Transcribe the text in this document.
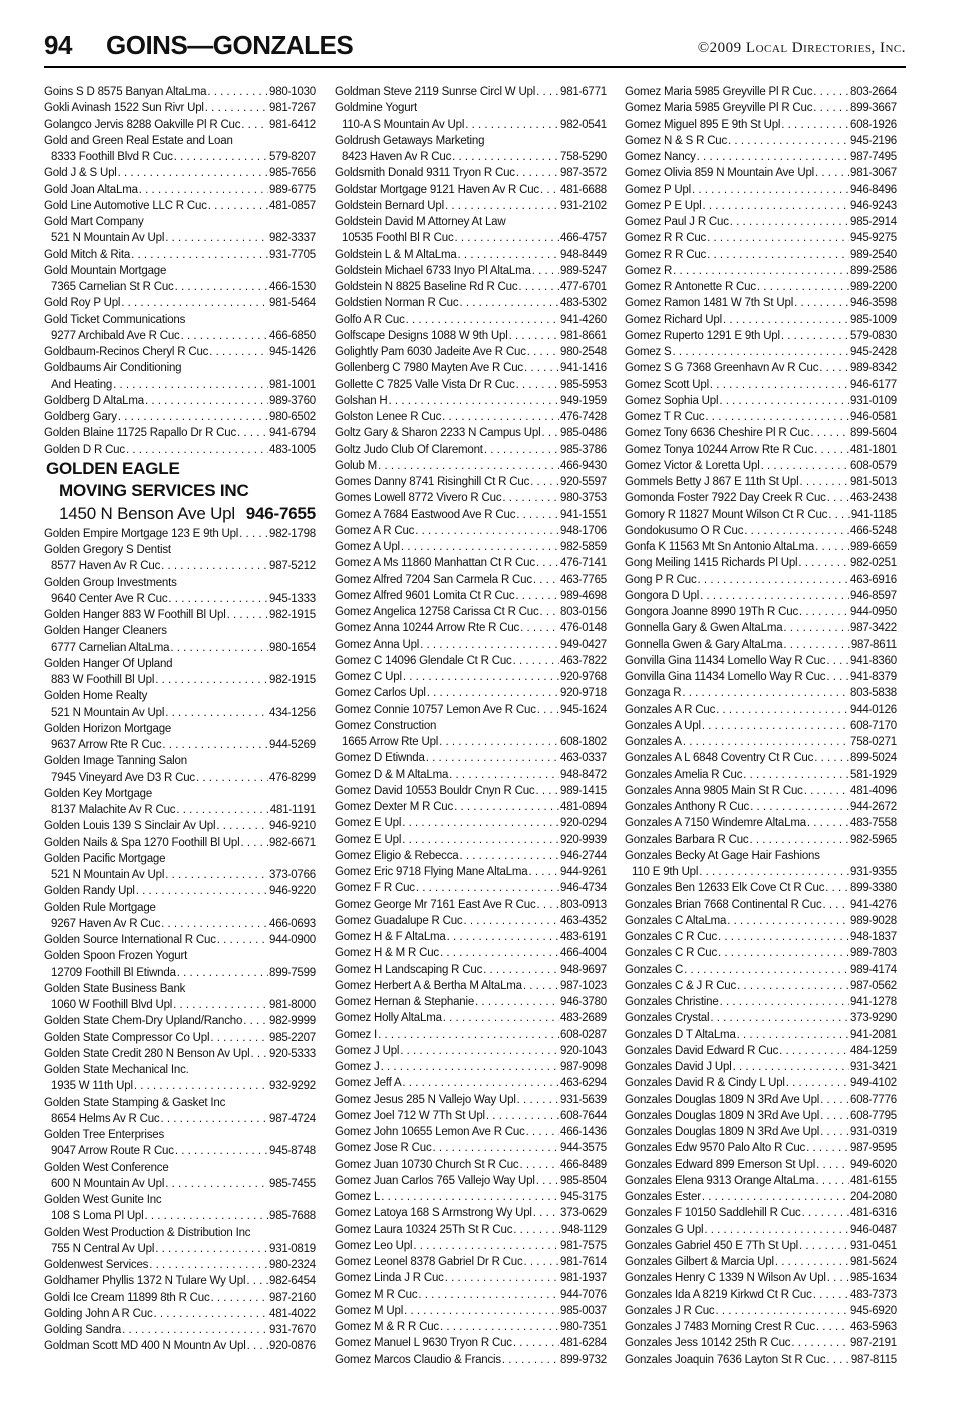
94 GOINS—GONZALES	©2009 Local Directories, Inc.
Goins S D 8575 Banyan AltaLma . . .	980-1030
Gokli Avinash 1522 Sun Rivr Upl . . .	981-7267
Golangco Jervis 8288 Oakville Pl R Cuc . . . 981-6412
Gold and Green Real Estate and Loan
8333 Foothill Blvd R Cuc . . .	579-8207
Gold J & S Upl . . .	985-7656
Gold Joan AltaLma . . .	989-6775
Gold Line Automotive LLC R Cuc . . .	481-0857
Gold Mart Company
521 N Mountain Av Upl . . .	982-3337
Gold Mitch & Rita . . .	931-7705
Gold Mountain Mortgage
7365 Carnelian St R Cuc . . .	466-1530
Gold Roy P Upl . . .	981-5464
Gold Ticket Communications
9277 Archibald Ave R Cuc . . .	466-6850
Goldbaum-Recinos Cheryl R Cuc . . .	945-1426
Goldbaums Air Conditioning
And Heating . . .	981-1001
Goldberg D AltaLma . . .	989-3760
Goldberg Gary . . .	980-6502
Golden Blaine 11725 Rapallo Dr R Cuc . . .	941-6794
Golden D R Cuc . . .	483-1005
GOLDEN EAGLE
MOVING SERVICES INC
1450 N Benson Ave Upl 946-7655
Golden Empire Mortgage 123 E 9th Upl . . .	982-1798
Golden Gregory S Dentist
8577 Haven Av R Cuc . . .	987-5212
Golden Group Investments
9640 Center Ave R Cuc . . .	945-1333
Golden Hanger 883 W Foothill Bl Upl . . .	982-1915
Golden Hanger Cleaners
6777 Carnelian AltaLma . . .	980-1654
Golden Hanger Of Upland
883 W Foothill Bl Upl . . .	982-1915
Golden Home Realty
521 N Mountain Av Upl . . .	434-1256
Golden Horizon Mortgage
9637 Arrow Rte R Cuc . . .	944-5269
Golden Image Tanning Salon
7945 Vineyard Ave D3 R Cuc . . .	476-8299
Golden Key Mortgage
8137 Malachite Av R Cuc . . .	481-1191
Golden Louis 139 S Sinclair Av Upl . . .	946-9210
Golden Nails & Spa 1270 Foothill Bl Upl . . .	982-6671
Golden Pacific Mortgage
521 N Mountain Av Upl . . .	373-0766
Golden Randy Upl . . .	946-9220
Golden Rule Mortgage
9267 Haven Av R Cuc . . .	466-0693
Golden Source International R Cuc . . .	944-0900
Golden Spoon Frozen Yogurt
12709 Foothill Bl Etiwnda . . .	899-7599
Golden State Business Bank
1060 W Foothill Blvd Upl . . .	981-8000
Golden State Chem-Dry Upland/Rancho . . . 982-9999
Golden State Compressor Co Upl . . .	985-2207
Golden State Credit 280 N Benson Av Upl . . . 920-5333
Golden State Mechanical Inc.
1935 W 11th Upl . . .	932-9292
Golden State Stamping & Gasket Inc
8654 Helms Av R Cuc . . .	987-4724
Golden Tree Enterprises
9047 Arrow Route R Cuc . . .	945-8748
Golden West Conference
600 N Mountain Av Upl . . .	985-7455
Golden West Gunite Inc
108 S Loma Pl Upl . . .	985-7688
Golden West Production & Distribution Inc
755 N Central Av Upl . . .	931-0819
Goldenwest Services . . .	980-2324
Goldhamer Phyllis 1372 N Tulare Wy Upl . . . 982-6454
Goldi Ice Cream 11899 8th R Cuc . . .	987-2160
Golding John A R Cuc . . .	481-4022
Golding Sandra . . .	931-7670
Goldman Scott MD 400 N Mountn Av Upl . . . 920-0876
Goldman Steve 2119 Sunrse Circl W Upl . . . 981-6771
Goldmine Yogurt
110-A S Mountain Av Upl . . .	982-0541
Goldrush Getaways Marketing
8423 Haven Av R Cuc . . .	758-5290
Goldsmith Donald 9311 Tryon R Cuc . . .	987-3572
Goldstar Mortgage 9121 Haven Av R Cuc . . . 481-6688
Goldstein Bernard Upl . . .	931-2102
Goldstein David M Attorney At Law
10535 Foothl Bl R Cuc . . .	466-4757
Goldstein L & M AltaLma . . .	948-8449
Goldstein Michael 6733 Inyo Pl AltaLma . . .	989-5247
Goldstein N 8825 Baseline Rd R Cuc . . .	477-6701
Goldstien Norman R Cuc . . .	483-5302
Golfo A R Cuc . . .	941-4260
Golfscape Designs 1088 W 9th Upl . . .	981-8661
Golightly Pam 6030 Jadeite Ave R Cuc . . .	980-2548
Gollenberg C 7980 Mayten Ave R Cuc . . .	941-1416
Gollette C 7825 Valle Vista Dr R Cuc . . .	985-5953
Golshan H . . .	949-1959
Golston Lenee R Cuc . . .	476-7428
Goltz Gary & Sharon 2233 N Campus Upl . . . 985-0486
Goltz Judo Club Of Claremont . . .	985-3786
Golub M . . .	466-9430
Gomes Danny 8741 Risinghill Ct R Cuc . . .	920-5597
Gomes Lowell 8772 Vivero R Cuc . . .	980-3753
Gomez A 7684 Eastwood Ave R Cuc . . .	941-1551
Gomez A R Cuc . . .	948-1706
Gomez A Upl . . .	982-5859
Gomez A Ms 11860 Manhattan Ct R Cuc . . . 476-7141
Gomez Alfred 7204 San Carmela R Cuc . . . 463-7765
Gomez Alfred 9601 Lomita Ct R Cuc . . .	989-4698
Gomez Angelica 12758 Carissa Ct R Cuc . . . 803-0156
Gomez Anna 10244 Arrow Rte R Cuc . . .	476-0148
Gomez Anna Upl . . .	949-0427
Gomez C 14096 Glendale Ct R Cuc . . .	463-7822
Gomez C Upl . . .	920-9768
Gomez Carlos Upl . . .	920-9718
Gomez Connie 10757 Lemon Ave R Cuc . . . 945-1624
Gomez Construction
1665 Arrow Rte Upl . . .	608-1802
Gomez D Etiwnda . . .	463-0337
Gomez D & M AltaLma . . .	948-8472
Gomez David 10553 Bouldr Cnyn R Cuc . . . 989-1415
Gomez Dexter M R Cuc . . .	481-0894
Gomez E Upl . . .	920-0294
Gomez E Upl . . .	920-9939
Gomez Eligio & Rebecca . . .	946-2744
Gomez Eric 9718 Flying Mane AltaLma . . .	944-9261
Gomez F R Cuc . . .	946-4734
Gomez George Mr 7161 East Ave R Cuc . . . 803-0913
Gomez Guadalupe R Cuc . . .	463-4352
Gomez H & F AltaLma . . .	483-6191
Gomez H & M R Cuc . . .	466-4004
Gomez H Landscaping R Cuc . . .	948-9697
Gomez Herbert A & Bertha M AltaLma . . .	987-1023
Gomez Hernan & Stephanie . . .	946-3780
Gomez Holly AltaLma . . .	483-2689
Gomez I . . .	608-0287
Gomez J Upl . . .	920-1043
Gomez J . . .	987-9098
Gomez Jeff A . . .	463-6294
Gomez Jesus 285 N Vallejo Way Upl . . .	931-5639
Gomez Joel 712 W 7Th St Upl . . .	608-7644
Gomez John 10655 Lemon Ave R Cuc . . .	466-1436
Gomez Jose R Cuc . . .	944-3575
Gomez Juan 10730 Church St R Cuc . . .	466-8489
Gomez Juan Carlos 765 Vallejo Way Upl . . . 985-8504
Gomez L . . .	945-3175
Gomez Latoya 168 S Armstrong Wy Upl . . . 373-0629
Gomez Laura 10324 25Th St R Cuc . . .	948-1129
Gomez Leo Upl . . .	981-7575
Gomez Leonel 8378 Gabriel Dr R Cuc . . .	981-7614
Gomez Linda J R Cuc . . .	981-1937
Gomez M R Cuc . . .	944-7076
Gomez M Upl . . .	985-0037
Gomez M & R R Cuc . . .	980-7351
Gomez Manuel L 9630 Tryon R Cuc . . .	481-6284
Gomez Marcos Claudio & Francis . . .	899-9732
Gomez Maria 5985 Greyville Pl R Cuc . . .	803-2664
Gomez Maria 5985 Greyville Pl R Cuc . . .	899-3667
Gomez Miguel 895 E 9th St Upl . . .	608-1926
Gomez N & S R Cuc . . .	945-2196
Gomez Nancy . . .	987-7495
Gomez Olivia 859 N Mountain Ave Upl . . .	981-3067
Gomez P Upl . . .	946-8496
Gomez P E Upl . . .	946-9243
Gomez Paul J R Cuc . . .	985-2914
Gomez R R Cuc . . .	945-9275
Gomez R R Cuc . . .	989-2540
Gomez R . . .	899-2586
Gomez R Antonette R Cuc . . .	989-2200
Gomez Ramon 1481 W 7th St Upl . . .	946-3598
Gomez Richard Upl . . .	985-1009
Gomez Ruperto 1291 E 9th Upl . . .	579-0830
Gomez S . . .	945-2428
Gomez S G 7368 Greenhavn Av R Cuc . . .	989-8342
Gomez Scott Upl . . .	946-6177
Gomez Sophia Upl . . .	931-0109
Gomez T R Cuc . . .	946-0581
Gomez Tony 6636 Cheshire Pl R Cuc . . .	899-5604
Gomez Tonya 10244 Arrow Rte R Cuc . . .	481-1801
Gomez Victor & Loretta Upl . . .	608-0579
Gommels Betty J 867 E 11th St Upl . . .	981-5013
Gomonda Foster 7922 Day Creek R Cuc . . . 463-2438
Gomory R 11827 Mount Wilson Ct R Cuc . . . 941-1185
Gondokusumo O R Cuc . . .	466-5248
Gonfa K 11563 Mt Sn Antonio AltaLma . . .	989-6659
Gong Meiling 1415 Richards Pl Upl . . .	982-0251
Gong P R Cuc . . .	463-6916
Gongora D Upl . . .	946-8597
Gongora Joanne 8990 19Th R Cuc . . .	944-0950
Gonnella Gary & Gwen AltaLma . . .	987-3422
Gonnella Gwen & Gary AltaLma . . .	987-8611
Gonvilla Gina 11434 Lomello Way R Cuc . . . 941-8360
Gonvilla Gina 11434 Lomello Way R Cuc . . . 941-8379
Gonzaga R . . .	803-5838
Gonzales A R Cuc . . .	944-0126
Gonzales A Upl . . .	608-7170
Gonzales A . . .	758-0271
Gonzales A L 6848 Coventry Ct R Cuc . . .	899-5024
Gonzales Amelia R Cuc . . .	581-1929
Gonzales Anna 9805 Main St R Cuc . . .	481-4096
Gonzales Anthony R Cuc . . .	944-2672
Gonzales A 7150 Windemre AltaLma . . .	483-7558
Gonzales Barbara R Cuc . . .	982-5965
Gonzales Becky At Gage Hair Fashions
110 E 9th Upl . . .	931-9355
Gonzales Ben 12633 Elk Cove Ct R Cuc . . . 899-3380
Gonzales Brian 7668 Continental R Cuc . . . 941-4276
Gonzales C AltaLma . . .	989-9028
Gonzales C R Cuc . . .	948-1837
Gonzales C R Cuc . . .	989-7803
Gonzales C . . .	989-4174
Gonzales C & J R Cuc . . .	987-0562
Gonzales Christine . . .	941-1278
Gonzales Crystal . . .	373-9290
Gonzales D T AltaLma . . .	941-2081
Gonzales David Edward R Cuc . . .	484-1259
Gonzales David J Upl . . .	931-3421
Gonzales David R & Cindy L Upl . . .	949-4102
Gonzales Douglas 1809 N 3Rd Ave Upl . . .	608-7776
Gonzales Douglas 1809 N 3Rd Ave Upl . . .	608-7795
Gonzales Douglas 1809 N 3Rd Ave Upl . . .	931-0319
Gonzales Edw 9570 Palo Alto R Cuc . . .	987-9595
Gonzales Edward 899 Emerson St Upl . . .	949-6020
Gonzales Elena 9313 Orange AltaLma . . .	481-6155
Gonzales Ester . . .	204-2080
Gonzales F 10150 Saddlehill R Cuc . . .	481-6316
Gonzales G Upl . . .	946-0487
Gonzales Gabriel 450 E 7Th St Upl . . .	931-0451
Gonzales Gilbert & Marcia Upl . . .	981-5624
Gonzales Henry C 1339 N Wilson Av Upl . . . 985-1634
Gonzales Ida A 8219 Kirkwd Ct R Cuc . . .	483-7373
Gonzales J R Cuc . . .	945-6920
Gonzales J 7483 Morning Crest R Cuc . . .	463-5963
Gonzales Jess 10142 25th R Cuc . . .	987-2191
Gonzales Joaquin 7636 Layton St R Cuc . . . 987-8115
